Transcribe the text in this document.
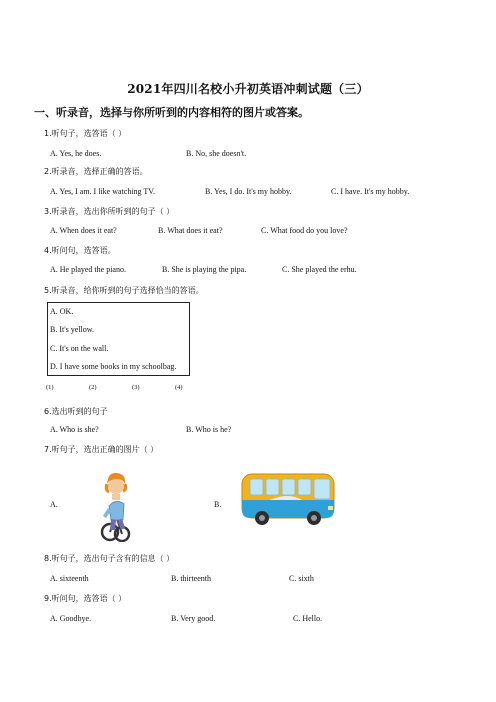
2021年四川名校小升初英语冲刺试题（三）
一、听录音，选择与你所听到的内容相符的图片或答案。
1.听句子，选答语（ ）
A. Yes, he does.	B. No, she doesn't.
2.听录音，选择正确的答语。
A. Yes, I am. I like watching TV.	B. Yes, I do. It's my hobby.	C. I have. It's my hobby.
3.听录音，选出你所听到的句子（ ）
A. When does it eat?	B. What does it eat?	C. What food do you love?
4.听问句，选答语。
A. He played the piano.	B. She is playing the pipa.	C. She played the erhu.
5.听录音，给你听到的句子选择恰当的答语。
A. OK.
B. It's yellow.
C. It's on the wall.
D. I have some books in my schoolbag.
(1)	(2)	(3)	(4)
6.选出听到的句子
A. Who is she?	B. Who is he?
7.听句子，选出正确的图片（ ）
A.	B.
8.听句子，选出句子含有的信息（ ）
A. sixteenth	B. thirteenth	C. sixth
9.听问句，选答语（ ）
A. Goodbye.	B. Very good.	C. Hello.
